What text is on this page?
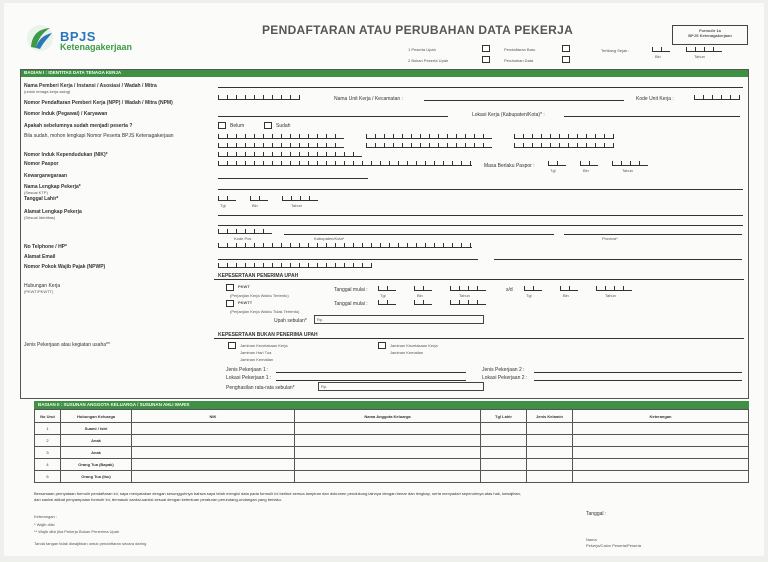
BPJS
Ketenagakerjaan
PENDAFTARAN ATAU PERUBAHAN DATA PEKERJA	Formulir 1a
BPJS Ketenagakerjaan
1 Peserta Upah
2 Bukan Peserta Upah
Pendaftaran Baru
Perubahan Data
Tertilang Sejak :
Bln	Tahun
BAGIAN I : IDENTITAS DATA TENAGA KERJA
Nama Pemberi Kerja / Instansi / Asosiasi / Wadah / Mitra
(untuk tenaga kerja asing)
Nomor Pendaftaran Pemberi Kerja (NPP) / Wadah / Mitra (NPM)
Nama Unit Kerja / Kecamatan :	Kode Unit Kerja :
Nomor Induk (Pegawai) / Karyawan	Lokasi Kerja (Kabupaten/Kota)* :
Apakah sebelumnya sudah menjadi peserta ?	Belum	Sudah
Bila sudah, mohon lengkapi Nomor Peserta BPJS Ketenagakerjaan
Nomor Induk Kependudukan (NIK)*
Nomor Paspor	Masa Berlaku Paspor :
Tgl	Bln	Tahun
Kewarganegaraan
Nama Lengkap Pekerja*
(Sesuai KTP)
Tanggal Lahir*
Tgl	Bln	Tahun
Alamat Lengkap Pekerja
(Sesuai Identitas)
Kode Pos	Kabupaten/Kota*	Provinsi*
No Telphone / HP*
Alamat Email
Nomor Pokok Wajib Pajak (NPWP)
KEPESERTAAN PENERIMA UPAH
Hubungan Kerja
(PKWT/PKWTT)
PKWT
(Perjanjian Kerja Waktu Tertentu)
PKWTT
(Perjanjian Kerja Waktu Tidak Tertentu)
Tanggal mulai :	s/d
Tgl	Bln	Tahun	Tgl	Bln	Tahun
Tanggal mulai :
Upah sebulan*	Rp.
KEPESERTAAN BUKAN PENERIMA UPAH
Jenis Pekerjaan atau kegiatan usaha**	Jaminan Kecelakaan Kerja
Jaminan Hari Tua
Jaminan Kematian
Jaminan Kecelakaan Kerja
Jaminan Kematian
Jenis Pekerjaan 1 :	Jenis Pekerjaan 2 :
Lokasi Pekerjaan 1 :	Lokasi Pekerjaan 2 :
Penghasilan rata-rata sebulan*	Rp.
BAGIAN II : SUSUNAN ANGGOTA KELUARGA / SUSUNAN AHLI WARIS
No Urut	Hubungan Keluarga	NIK	Nama Anggota Keluarga	Tgl Lahir	Jenis Kelamin	Keterangan
1	Suami / Istri					
2	Anak					
3	Anak					
4	Orang Tua (Bapak)					
5	Orang Tua (Ibu)					
Bersamaan pernyataan formulir pendaftaran ini, saya menyatakan dengan sesungguhnya bahwa saya telah mengisi data pada formulir ini berikut semua lampiran dan dokumen pendukung lainnya dengan benar dan lengkap, serta menyadari sepenuhnya atas hak, kewajiban,
dan sanksi akibat penyampaian formulir ini, termasuk sanksi-sanksi sesuai dengan ketentuan peraturan perundang-undangan yang berlaku.
Tanggal :
Keterangan :
* Wajib diisi
** Wajib diisi jika Pekerja Bukan Penerima Upah
Tanda tangan tidak diwajibkan untuk pendaftaran secara daring
Nama
Pekerja/Calon Peserta/Peserta
